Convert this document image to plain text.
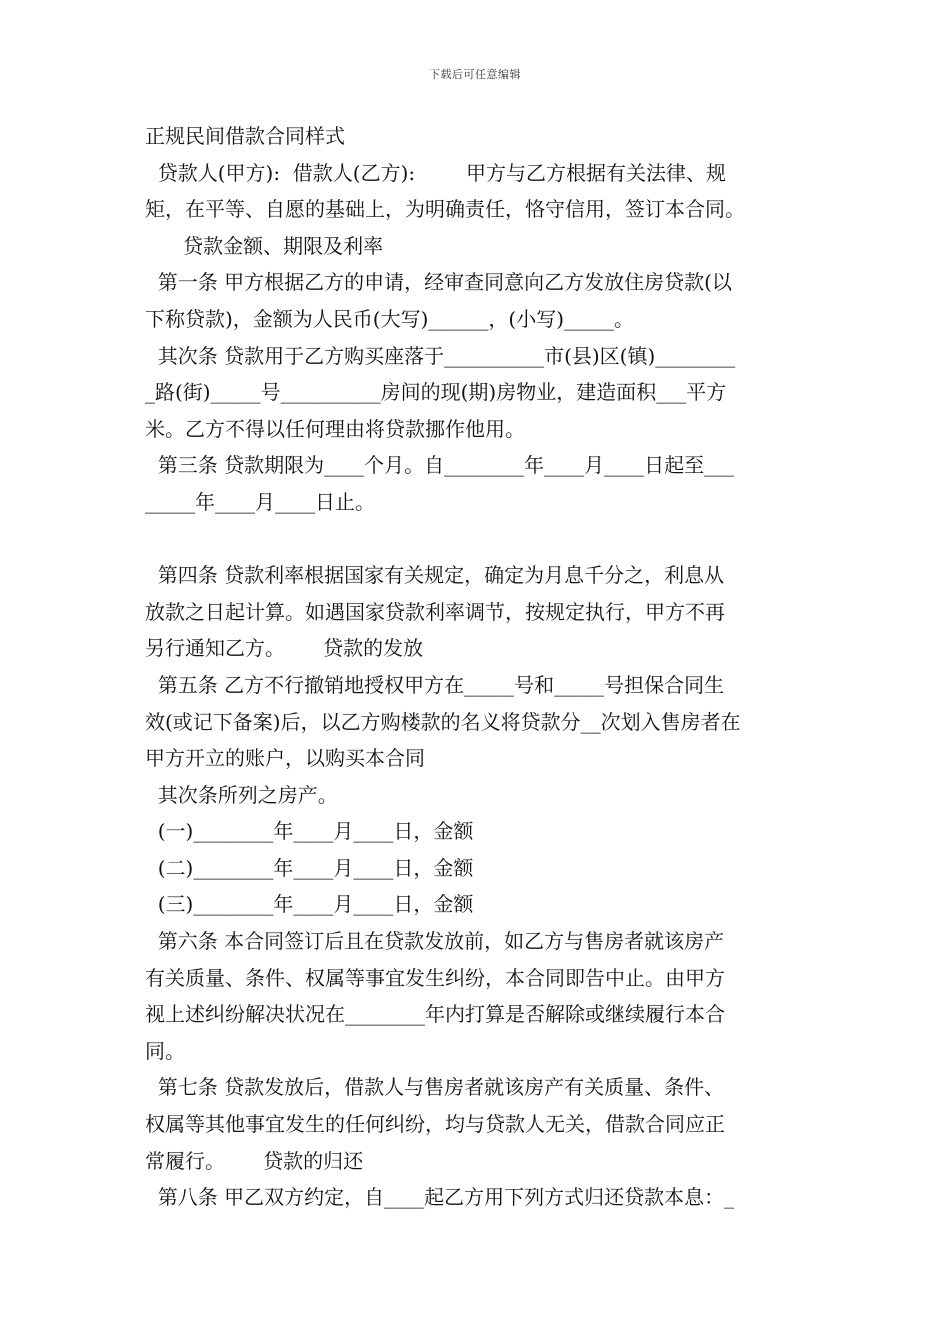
下载后可任意编辑
正规民间借款合同样式
贷款人(甲方):  借款人(乙方):        甲方与乙方根据有关法律、规
矩，在平等、自愿的基础上，为明确责任，恪守信用，签订本合同。
贷款金额、期限及利率
第一条 甲方根据乙方的申请，经审查同意向乙方发放住房贷款(以
下称贷款)，金额为人民币(大写)______，(小写)_____。
其次条 贷款用于乙方购买座落于__________市(县)区(镇)________
_路(街)_____号__________房间的现(期)房物业，建造面积___平方
米。乙方不得以任何理由将贷款挪作他用。
第三条 贷款期限为____个月。自________年____月____日起至___
_____年____月____日止。
第四条 贷款利率根据国家有关规定，确定为月息千分之，利息从
放款之日起计算。如遇国家贷款利率调节，按规定执行，甲方不再
另行通知乙方。      贷款的发放
第五条 乙方不行撤销地授权甲方在_____号和_____号担保合同生
效(或记下备案)后，以乙方购楼款的名义将贷款分__次划入售房者在
甲方开立的账户，以购买本合同
其次条所列之房产。
(一)________年____月____日，金额
(二)________年____月____日，金额
(三)________年____月____日，金额
第六条 本合同签订后且在贷款发放前，如乙方与售房者就该房产
有关质量、条件、权属等事宜发生纠纷，本合同即告中止。由甲方
视上述纠纷解决状况在________年内打算是否解除或继续履行本合
同。
第七条 贷款发放后，借款人与售房者就该房产有关质量、条件、
权属等其他事宜发生的任何纠纷，均与贷款人无关，借款合同应正
常履行。      贷款的归还
第八条 甲乙双方约定，自____起乙方用下列方式归还贷款本息：_
